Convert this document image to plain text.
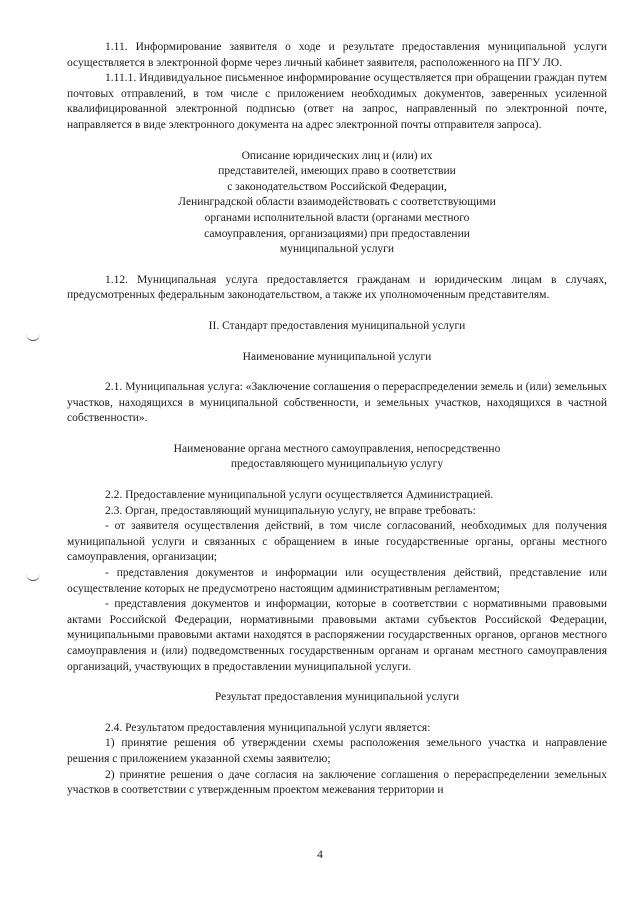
1.11. Информирование заявителя о ходе и результате предоставления муниципальной услуги осуществляется в электронной форме через личный кабинет заявителя, расположенного на ПГУ ЛО.

1.11.1. Индивидуальное письменное информирование осуществляется при обращении граждан путем почтовых отправлений, в том числе с приложением необходимых документов, заверенных усиленной квалифицированной электронной подписью (ответ на запрос, направленный по электронной почте, направляется в виде электронного документа на адрес электронной почты отправителя запроса).

Описание юридических лиц и (или) их

представителей, имеющих право в соответствии

с законодательством Российской Федерации,

Ленинградской области взаимодействовать с соответствующими

органами исполнительной власти (органами местного

самоуправления, организациями) при предоставлении

муниципальной услуги

1.12. Муниципальная услуга предоставляется гражданам и юридическим лицам в случаях, предусмотренных федеральным законодательством, а также их уполномоченным представителям.

II. Стандарт предоставления муниципальной услуги

Наименование муниципальной услуги

2.1. Муниципальная услуга: «Заключение соглашения о перераспределении земель и (или) земельных участков, находящихся в муниципальной собственности, и земельных участков, находящихся в частной собственности».

Наименование органа местного самоуправления, непосредственно

предоставляющего муниципальную услугу

2.2. Предоставление муниципальной услуги осуществляется Администрацией.

2.3. Орган, предоставляющий муниципальную услугу, не вправе требовать:

- от заявителя осуществления действий, в том числе согласований, необходимых для получения муниципальной услуги и связанных с обращением в иные государственные органы, органы местного самоуправления, организации;

- представления документов и информации или осуществления действий, представление или осуществление которых не предусмотрено настоящим административным регламентом;

- представления документов и информации, которые в соответствии с нормативными правовыми актами Российской Федерации, нормативными правовыми актами субъектов Российской Федерации, муниципальными правовыми актами находятся в распоряжении государственных органов, органов местного самоуправления и (или) подведомственных государственным органам и органам местного самоуправления организаций, участвующих в предоставлении муниципальной услуги.

Результат предоставления муниципальной услуги

2.4. Результатом предоставления муниципальной услуги является:

1) принятие решения об утверждении схемы расположения земельного участка и направление решения с приложением указанной схемы заявителю;

2) принятие решения о даче согласия на заключение соглашения о перераспределении земельных участков в соответствии с утвержденным проектом межевания территории и

4
